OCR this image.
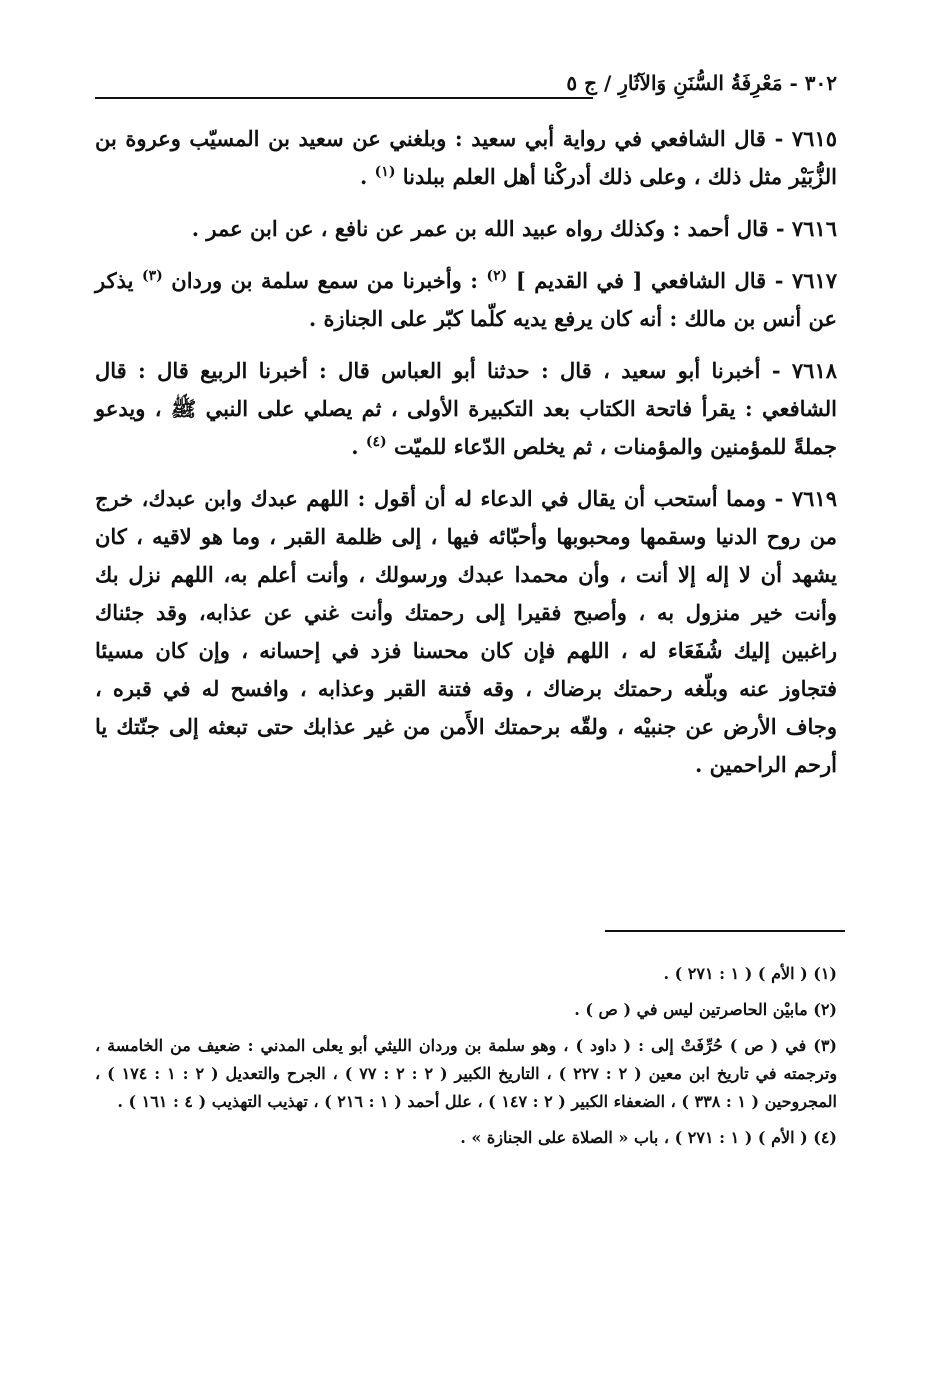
٣٠٢ - مَعْرِفَةُ السُّنَنِ وَالآثَارِ / ج ٥

٧٦١٥ - قال الشافعي في رواية أبي سعيد : وبلغني عن سعيد بن المسيّب وعروة بن الزُّبَيْر مثل ذلك ، وعلى ذلك أدركْنا أهل العلم ببلدنا $^{(١)}$ .

٧٦١٦ - قال أحمد : وكذلك رواه عبيد الله بن عمر عن نافع ، عن ابن عمر .

٧٦١٧ - قال الشافعي [ في القديم ] $^{(٢)}$ : وأخبرنا من سمع سلمة بن وردان $^{(٣)}$ يذكر عن أنس بن مالك : أنه كان يرفع يديه كلّما كبّر على الجنازة .

٧٦١٨ - أخبرنا أبو سعيد ، قال : حدثنا أبو العباس قال : أخبرنا الربيع قال : قال الشافعي : يقرأ فاتحة الكتاب بعد التكبيرة الأولى ، ثم يصلي على النبي ﷺ ، ويدعو جملةً للمؤمنين والمؤمنات ، ثم يخلص الدّعاء للميّت $^{(٤)}$ .

٧٦١٩ - ومما أستحب أن يقال في الدعاء له أن أقول : اللهم عبدك وابن عبدك، خرج من روح الدنيا وسقمها ومحبوبها وأحبّائه فيها ، إلى ظلمة القبر ، وما هو لاقيه ، كان يشهد أن لا إله إلا أنت ، وأن محمدا عبدك ورسولك ، وأنت أعلم به، اللهم نزل بك وأنت خير منزول به ، وأصبح فقيرا إلى رحمتك وأنت غني عن عذابه، وقد جئناك راغبين إليك شُفَعَاء له ، اللهم فإن كان محسنا فزد في إحسانه ، وإن كان مسيئا فتجاوز عنه وبلّغه رحمتك برضاك ، وقه فتنة القبر وعذابه ، وافسح له في قبره ، وجاف الأرض عن جنبيْه ، ولقّه برحمتك الأَمن من غير عذابك حتى تبعثه إلى جنّتك يا أرحم الراحمين .

(١) ( الأم ) ( ١ : ٢٧١ ) .

(٢) مابيْن الحاصرتين ليس في ( ص ) .

(٣) في ( ص ) حُرِّفَتْ إلى : ( داود ) ، وهو سلمة بن وردان الليثي أبو يعلى المدني : ضعيف من الخامسة ، وترجمته في تاريخ ابن معين ( ٢ : ٢٢٧ ) ، التاريخ الكبير ( ٢ : ٢ : ٧٧ ) ، الجرح والتعديل ( ٢ : ١ : ١٧٤ ) ، المجروحين ( ١ : ٣٣٨ ) ، الضعفاء الكبير ( ٢ : ١٤٧ ) ، علل أحمد ( ١ : ٢١٦ ) ، تهذيب التهذيب ( ٤ : ١٦١ ) .

(٤) ( الأم ) ( ١ : ٢٧١ ) ، باب « الصلاة على الجنازة » .
